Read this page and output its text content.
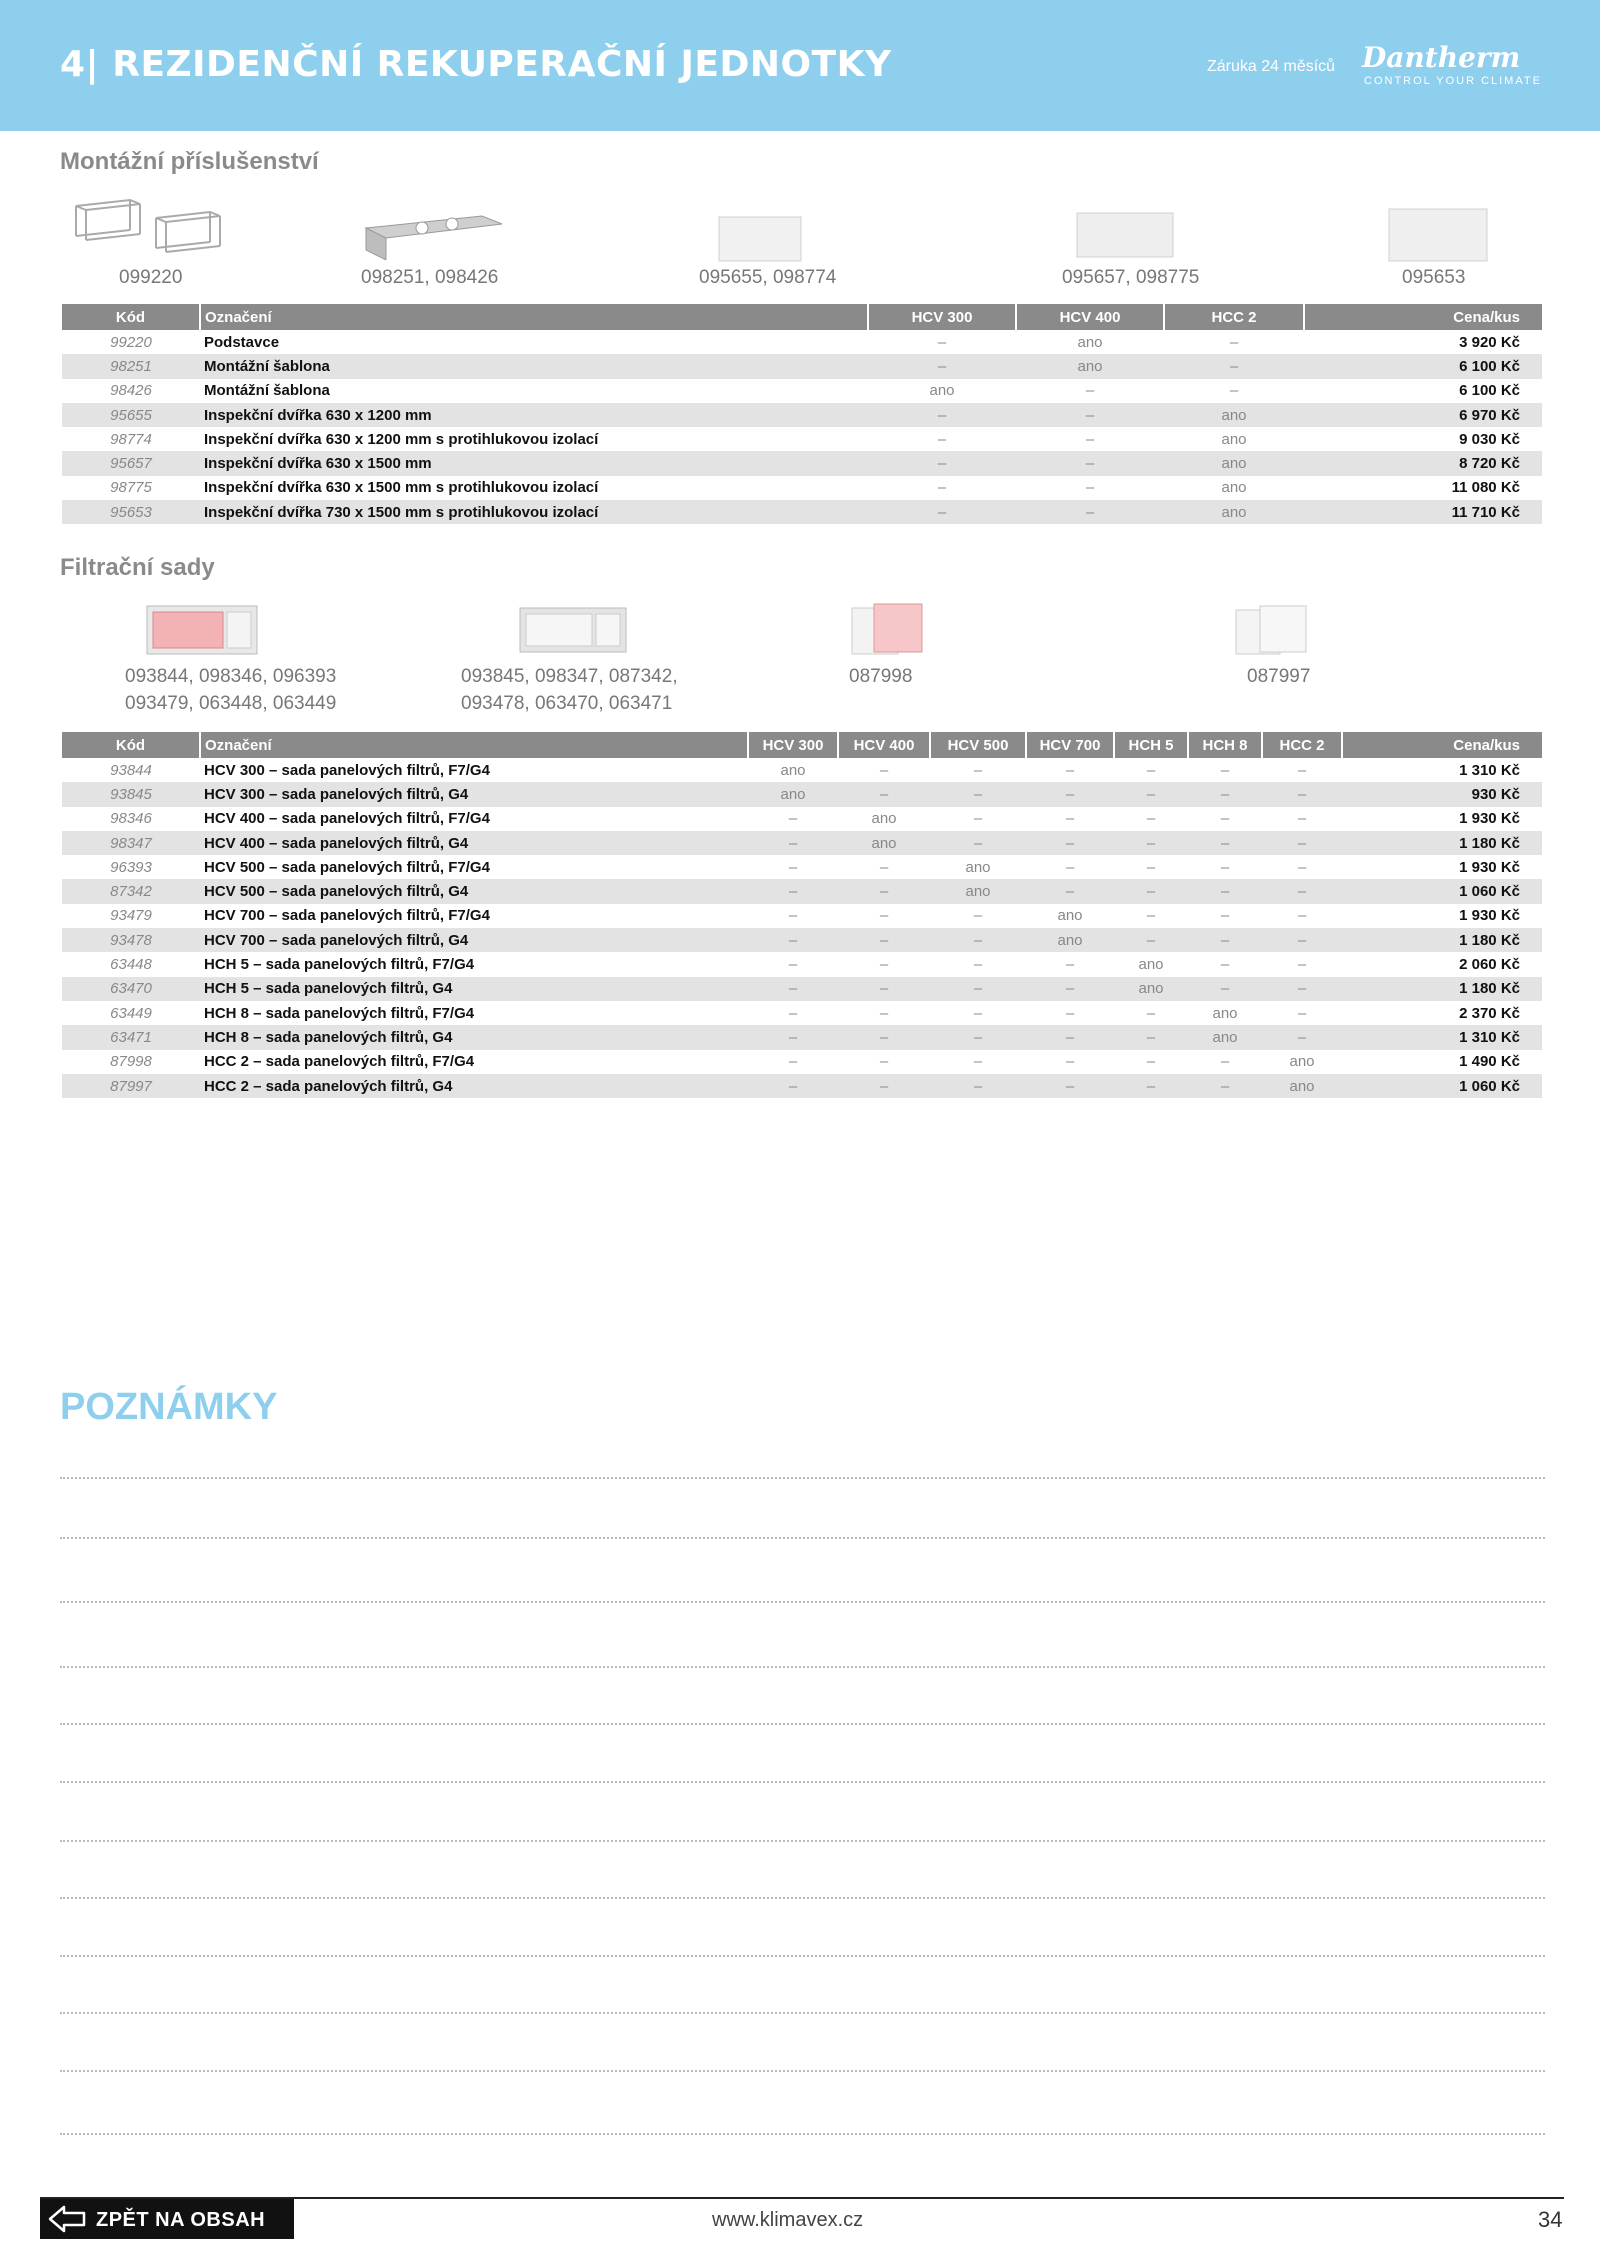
4| REZIDENČNÍ REKUPERAČNÍ JEDNOTKY	Záruka 24 měsíců Dantherm
CONTROL YOUR CLIMATE
Montážní příslušenství
099220	098251, 098426	095655, 098774	095657, 098775	095653
Kód	Označení	HCV 300	HCV 400	HCC 2	Cena/kus
99220	Podstavce	–	ano	–	3 920 Kč
98251	Montážní šablona	–	ano	–	6 100 Kč
98426	Montážní šablona	ano	–	–	6 100 Kč
95655	Inspekční dvířka 630 x 1200 mm	–	–	ano	6 970 Kč
98774	Inspekční dvířka 630 x 1200 mm s protihlukovou izolací	–	–	ano	9 030 Kč
95657	Inspekční dvířka 630 x 1500 mm	–	–	ano	8 720 Kč
98775	Inspekční dvířka 630 x 1500 mm s protihlukovou izolací	–	–	ano	11 080 Kč
95653	Inspekční dvířka 730 x 1500 mm s protihlukovou izolací	–	–	ano	11 710 Kč
Filtrační sady
093844, 098346, 096393
093479, 063448, 063449
093845, 098347, 087342,
093478, 063470, 063471
087998	087997
Kód	Označení	HCV 300	HCV 400	HCV 500	HCV 700	HCH 5	HCH 8	HCC 2	Cena/kus
93844	HCV 300 – sada panelových filtrů, F7/G4	ano	–	–	–	–	–	–	1 310 Kč
93845	HCV 300 – sada panelových filtrů, G4	ano	–	–	–	–	–	–	930 Kč
98346	HCV 400 – sada panelových filtrů, F7/G4	–	ano	–	–	–	–	–	1 930 Kč
98347	HCV 400 – sada panelových filtrů, G4	–	ano	–	–	–	–	–	1 180 Kč
96393	HCV 500 – sada panelových filtrů, F7/G4	–	–	ano	–	–	–	–	1 930 Kč
87342	HCV 500 – sada panelových filtrů, G4	–	–	ano	–	–	–	–	1 060 Kč
93479	HCV 700 – sada panelových filtrů, F7/G4	–	–	–	ano	–	–	–	1 930 Kč
93478	HCV 700 – sada panelových filtrů, G4	–	–	–	ano	–	–	–	1 180 Kč
63448	HCH 5 – sada panelových filtrů, F7/G4	–	–	–	–	ano	–	–	2 060 Kč
63470	HCH 5 – sada panelových filtrů, G4	–	–	–	–	ano	–	–	1 180 Kč
63449	HCH 8 – sada panelových filtrů, F7/G4	–	–	–	–	–	ano	–	2 370 Kč
63471	HCH 8 – sada panelových filtrů, G4	–	–	–	–	–	ano	–	1 310 Kč
87998	HCC 2 – sada panelových filtrů, F7/G4	–	–	–	–	–	–	ano	1 490 Kč
87997	HCC 2 – sada panelových filtrů, G4	–	–	–	–	–	–	ano	1 060 Kč
POZNÁMKY
ZPĚT NA OBSAH	www.klimavex.cz	34
